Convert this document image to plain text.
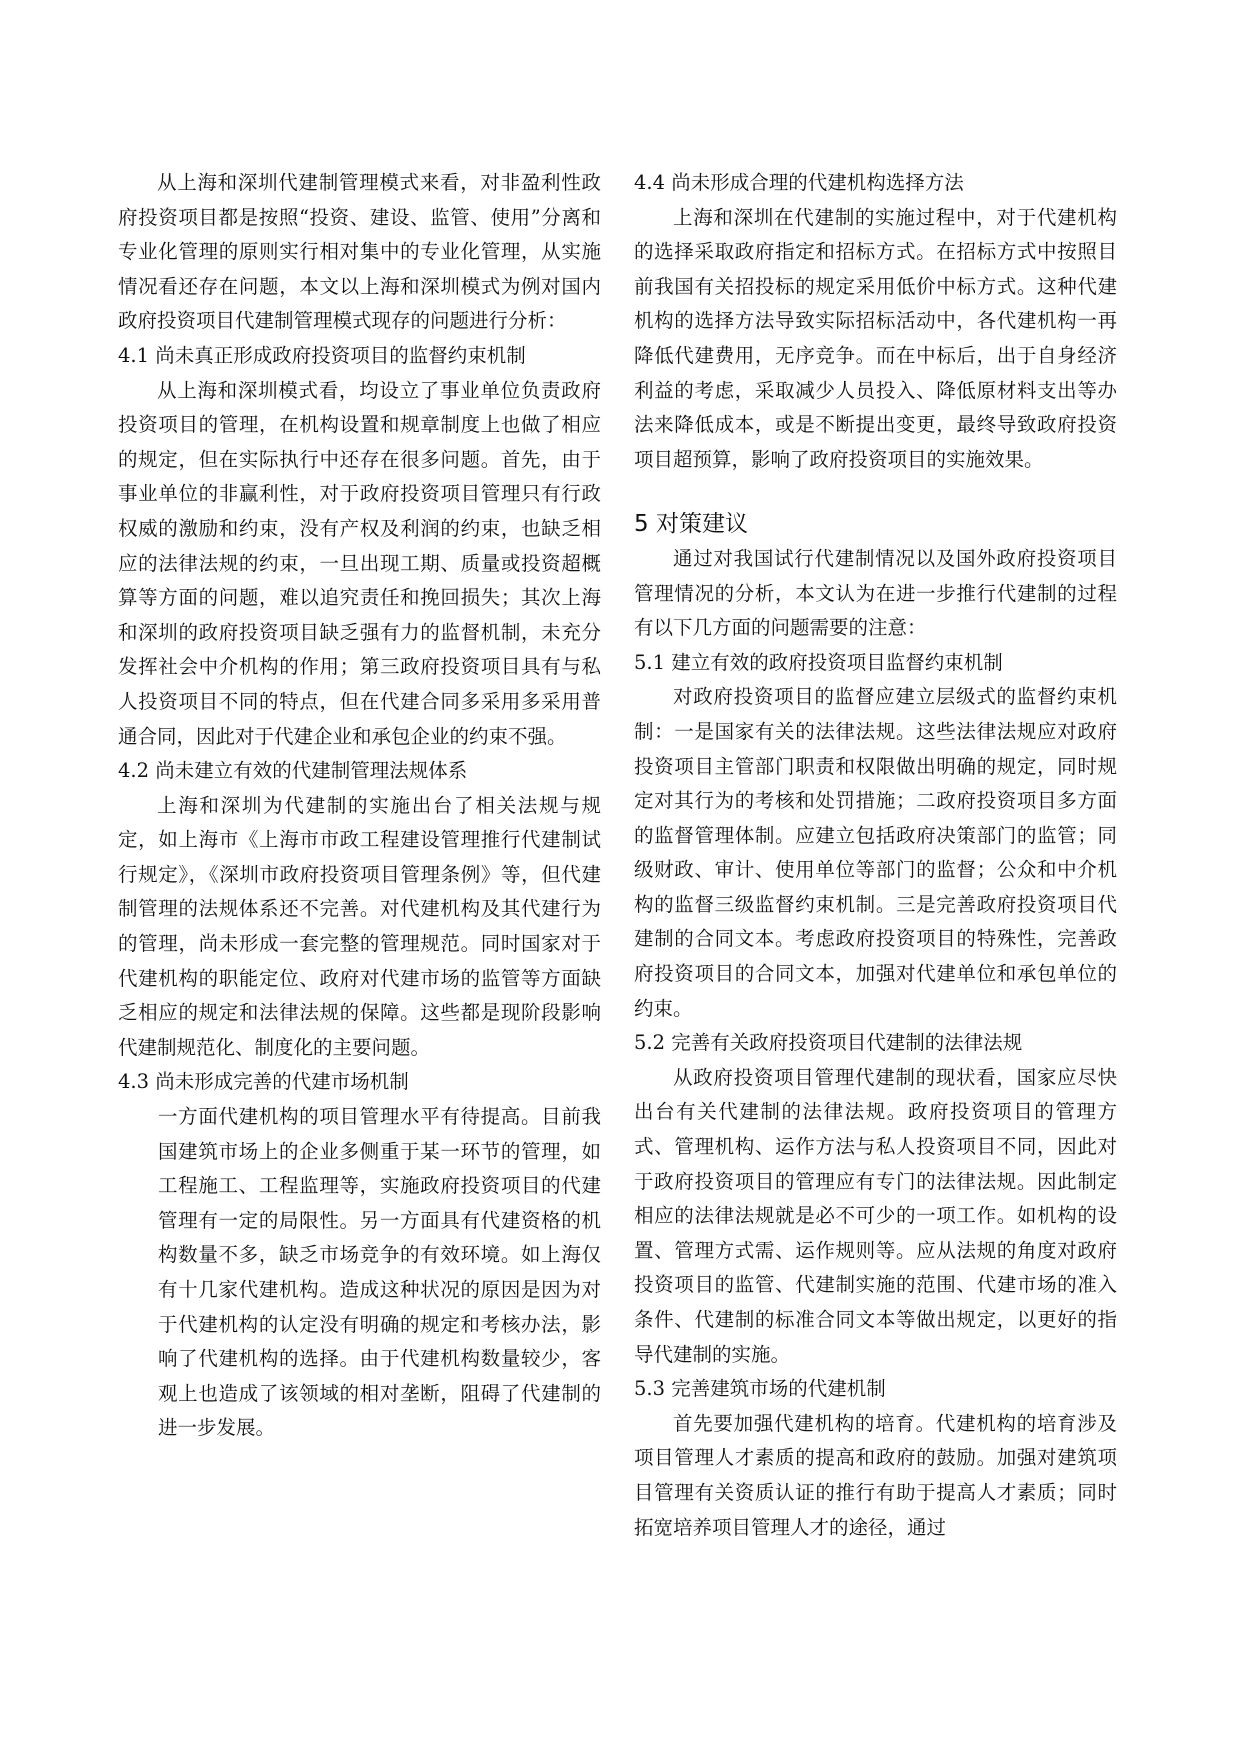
从上海和深圳代建制管理模式来看，对非盈利性政府投资项目都是按照“投资、建设、监管、使用”分离和专业化管理的原则实行相对集中的专业化管理，从实施情况看还存在问题，本文以上海和深圳模式为例对国内政府投资项目代建制管理模式现存的问题进行分析：

4.1 尚未真正形成政府投资项目的监督约束机制

从上海和深圳模式看，均设立了事业单位负责政府投资项目的管理，在机构设置和规章制度上也做了相应的规定，但在实际执行中还存在很多问题。首先，由于事业单位的非赢利性，对于政府投资项目管理只有行政权威的激励和约束，没有产权及利润的约束，也缺乏相应的法律法规的约束，一旦出现工期、质量或投资超概算等方面的问题，难以追究责任和挽回损失；其次上海和深圳的政府投资项目缺乏强有力的监督机制，未充分发挥社会中介机构的作用；第三政府投资项目具有与私人投资项目不同的特点，但在代建合同多采用多采用普通合同，因此对于代建企业和承包企业的约束不强。

4.2 尚未建立有效的代建制管理法规体系

上海和深圳为代建制的实施出台了相关法规与规定，如上海市《上海市市政工程建设管理推行代建制试行规定》，《深圳市政府投资项目管理条例》等，但代建制管理的法规体系还不完善。对代建机构及其代建行为的管理，尚未形成一套完整的管理规范。同时国家对于代建机构的职能定位、政府对代建市场的监管等方面缺乏相应的规定和法律法规的保障。这些都是现阶段影响代建制规范化、制度化的主要问题。

4.3 尚未形成完善的代建市场机制

一方面代建机构的项目管理水平有待提高。目前我国建筑市场上的企业多侧重于某一环节的管理，如工程施工、工程监理等，实施政府投资项目的代建管理有一定的局限性。另一方面具有代建资格的机构数量不多，缺乏市场竞争的有效环境。如上海仅有十几家代建机构。造成这种状况的原因是因为对于代建机构的认定没有明确的规定和考核办法，影响了代建机构的选择。由于代建机构数量较少，客观上也造成了该领域的相对垄断，阻碍了代建制的进一步发展。

4.4 尚未形成合理的代建机构选择方法

上海和深圳在代建制的实施过程中，对于代建机构的选择采取政府指定和招标方式。在招标方式中按照目前我国有关招投标的规定采用低价中标方式。这种代建机构的选择方法导致实际招标活动中，各代建机构一再降低代建费用，无序竞争。而在中标后，出于自身经济利益的考虑，采取减少人员投入、降低原材料支出等办法来降低成本，或是不断提出变更，最终导致政府投资项目超预算，影响了政府投资项目的实施效果。

5 对策建议

通过对我国试行代建制情况以及国外政府投资项目管理情况的分析，本文认为在进一步推行代建制的过程有以下几方面的问题需要的注意：

5.1 建立有效的政府投资项目监督约束机制

对政府投资项目的监督应建立层级式的监督约束机制：一是国家有关的法律法规。这些法律法规应对政府投资项目主管部门职责和权限做出明确的规定，同时规定对其行为的考核和处罚措施；二政府投资项目多方面的监督管理体制。应建立包括政府决策部门的监管；同级财政、审计、使用单位等部门的监督；公众和中介机构的监督三级监督约束机制。三是完善政府投资项目代建制的合同文本。考虑政府投资项目的特殊性，完善政府投资项目的合同文本，加强对代建单位和承包单位的约束。

5.2 完善有关政府投资项目代建制的法律法规

从政府投资项目管理代建制的现状看，国家应尽快出台有关代建制的法律法规。政府投资项目的管理方式、管理机构、运作方法与私人投资项目不同，因此对于政府投资项目的管理应有专门的法律法规。因此制定相应的法律法规就是必不可少的一项工作。如机构的设置、管理方式需、运作规则等。应从法规的角度对政府投资项目的监管、代建制实施的范围、代建市场的准入条件、代建制的标准合同文本等做出规定，以更好的指导代建制的实施。

5.3 完善建筑市场的代建机制

首先要加强代建机构的培育。代建机构的培育涉及项目管理人才素质的提高和政府的鼓励。加强对建筑项目管理有关资质认证的推行有助于提高人才素质；同时拓宽培养项目管理人才的途径，通过
